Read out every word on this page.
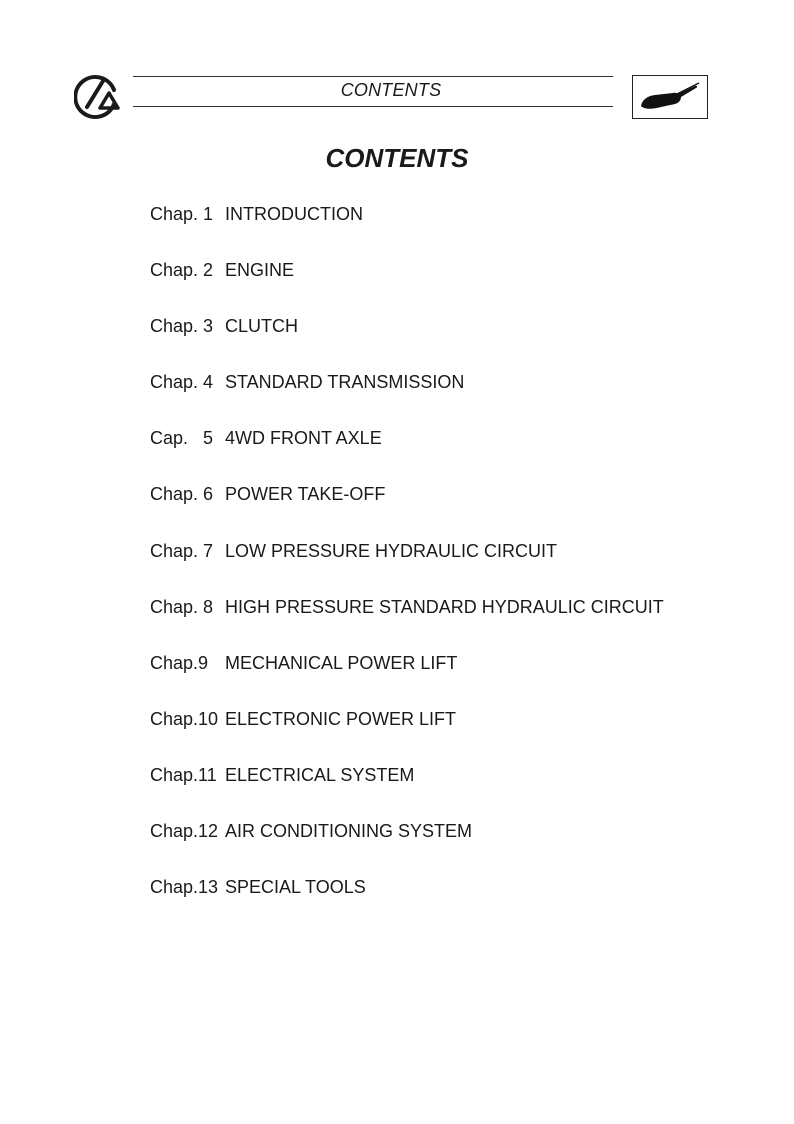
CONTENTS
CONTENTS
Chap. 1 INTRODUCTION
Chap. 2 ENGINE
Chap. 3 CLUTCH
Chap. 4 STANDARD TRANSMISSION
Cap.   5 4WD FRONT AXLE
Chap. 6 POWER TAKE-OFF
Chap. 7 LOW PRESSURE HYDRAULIC CIRCUIT
Chap. 8 HIGH PRESSURE STANDARD HYDRAULIC CIRCUIT
Chap.9 MECHANICAL POWER LIFT
Chap.10 ELECTRONIC POWER LIFT
Chap.11 ELECTRICAL SYSTEM
Chap.12 AIR CONDITIONING SYSTEM
Chap.13 SPECIAL TOOLS
